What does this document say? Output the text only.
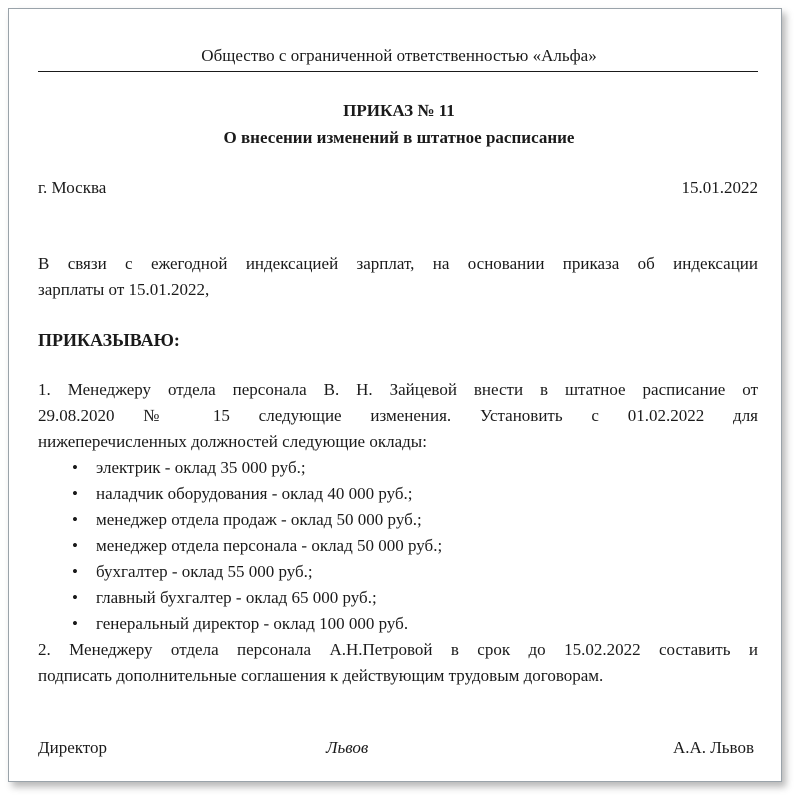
Общество с ограниченной ответственностью «Альфа»
ПРИКАЗ № 11
О внесении изменений в штатное расписание
г. Москва	15.01.2022
В связи с ежегодной индексацией зарплат, на основании приказа об индексации
зарплаты от 15.01.2022,
ПРИКАЗЫВАЮ:
1. Менеджеру отдела персонала В. Н. Зайцевой внести в штатное расписание от
29.08.2020 № 15 следующие изменения. Установить с 01.02.2022 для
нижеперечисленных должностей следующие оклады:
• электрик - оклад 35 000 руб.;
• наладчик оборудования - оклад 40 000 руб.;
• менеджер отдела продаж - оклад 50 000 руб.;
• менеджер отдела персонала - оклад 50 000 руб.;
• бухгалтер - оклад 55 000 руб.;
• главный бухгалтер - оклад 65 000 руб.;
• генеральный директор - оклад 100 000 руб.
2. Менеджеру отдела персонала А.Н.Петровой в срок до 15.02.2022 составить и
подписать дополнительные соглашения к действующим трудовым договорам.
Директор	Львов	А.А. Львов
